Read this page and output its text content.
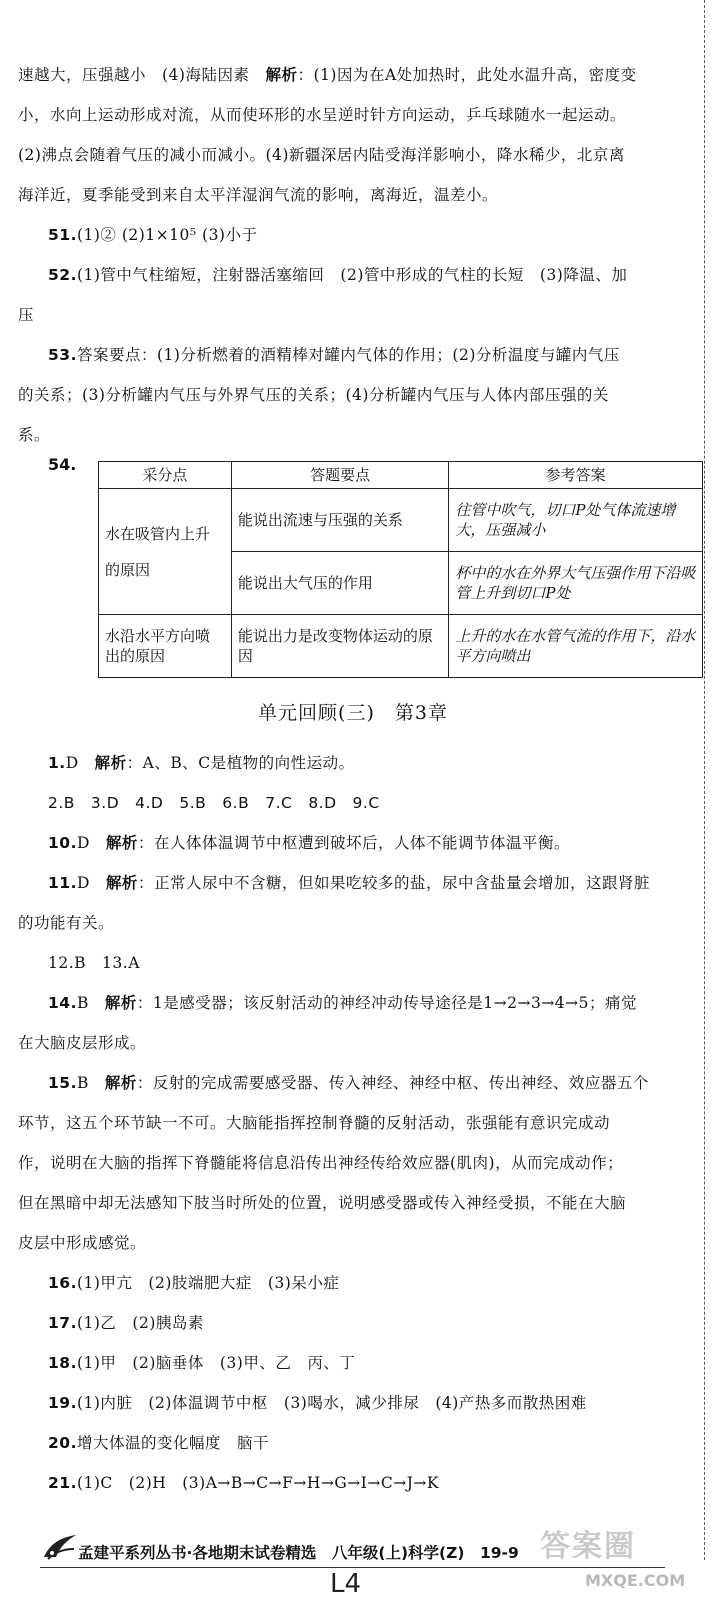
速越大，压强越小　(4)海陆因素　解析：(1)因为在A处加热时，此处水温升高，密度变

小，水向上运动形成对流，从而使环形的水呈逆时针方向运动，乒乓球随水一起运动。

(2)沸点会随着气压的减小而减小。(4)新疆深居内陆受海洋影响小，降水稀少，北京离

海洋近，夏季能受到来自太平洋湿润气流的影响，离海近，温差小。

51.(1)② (2)1×10⁵ (3)小于

52.(1)管中气柱缩短，注射器活塞缩回　(2)管中形成的气柱的长短　(3)降温、加

压

53.答案要点：(1)分析燃着的酒精棒对罐内气体的作用；(2)分析温度与罐内气压

的关系；(3)分析罐内气压与外界气压的关系；(4)分析罐内气压与人体内部压强的关

系。

54.
采分点	答题要点	参考答案
水在吸管内上升的原因	能说出流速与压强的关系	往管中吹气，切口P处气体流速增大，压强减小
	能说出大气压的作用	杯中的水在外界大气压强作用下沿吸管上升到切口P处
水沿水平方向喷出的原因	能说出力是改变物体运动的原因	上升的水在水管气流的作用下，沿水平方向喷出
单元回顾(三)　第3章

1.D　 解析：A、B、C是植物的向性运动。

2.B　3.D　4.D　5.B　6.B　7.C　8.D　9.C

10.D　 解析：在人体体温调节中枢遭到破坏后，人体不能调节体温平衡。

11.D　 解析：正常人尿中不含糖，但如果吃较多的盐，尿中含盐量会增加，这跟肾脏

的功能有关。

12.B　13.A

14.B　 解析：1是感受器；该反射活动的神经冲动传导途径是1→2→3→4→5；痛觉

在大脑皮层形成。

15.B　 解析：反射的完成需要感受器、传入神经、神经中枢、传出神经、效应器五个

环节，这五个环节缺一不可。大脑能指挥控制脊髓的反射活动，张强能有意识完成动

作，说明在大脑的指挥下脊髓能将信息沿传出神经传给效应器(肌肉)，从而完成动作；

但在黑暗中却无法感知下肢当时所处的位置，说明感受器或传入神经受损，不能在大脑

皮层中形成感觉。

16.(1)甲亢　(2)肢端肥大症　(3)呆小症

17.(1)乙　(2)胰岛素

18.(1)甲　(2)脑垂体　(3)甲、乙　丙、丁

19.(1)内脏　(2)体温调节中枢　(3)喝水，减少排尿　(4)产热多而散热困难

20.增大体温的变化幅度　脑干

21.(1)C　(2)H　(3)A→B→C→F→H→G→I→C→J→K

孟建平系列丛书·各地期末试卷精选　八年级(上)科学(Z)　19-9
L4
答案圈
MXQE.COM
